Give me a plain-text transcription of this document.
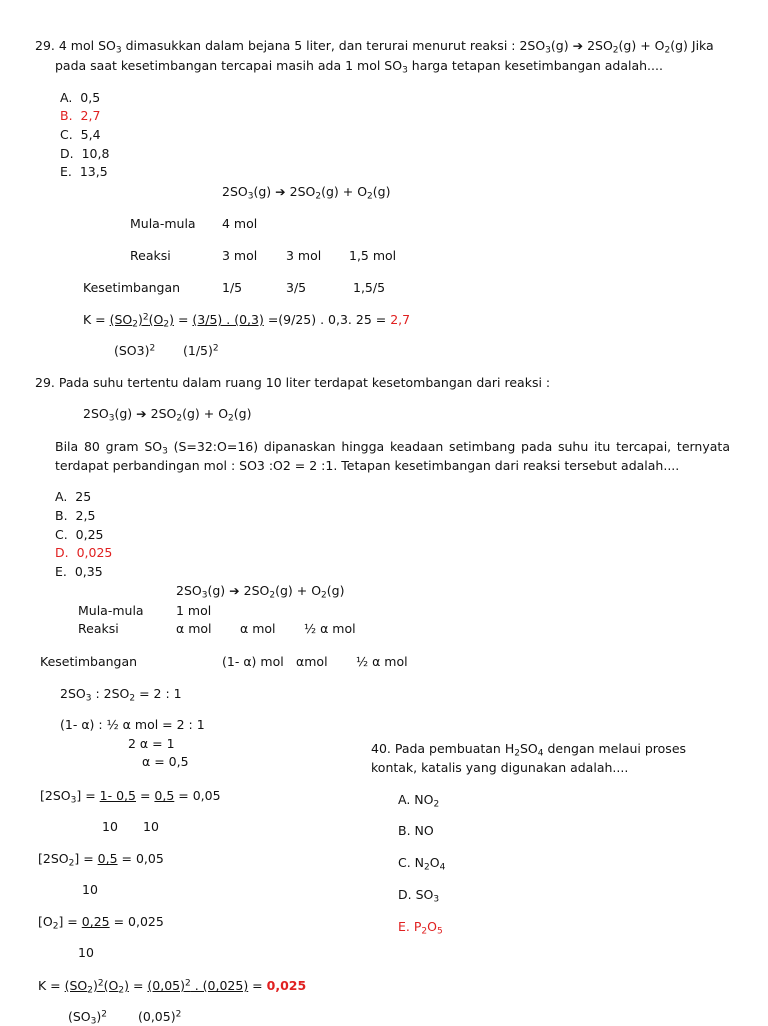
29. 4 mol $SO_3$ dimasukkan dalam bejana 5 liter, dan terurai menurut reaksi : $2SO_3(g)$ ➔ $2SO_2(g) + O_2(g)$ Jika
pada saat kesetimbangan tercapai masih ada 1 mol $SO_3$ harga tetapan kesetimbangan adalah....
A. 0,5
B. 2,7
C. 5,4
D. 10,8
E. 13,5
$2SO_3(g)$ ➔ $2SO_2(g) + O_2(g)$
Mula-mula 4 mol
Reaksi	3 mol 3 mol 1,5 mol
Kesetimbangan	1/5	3/5	1,5/5
$K = (SO_2)^2(O_2) = (3/5)$ . (0,3) =(9/25) . 0,3. 25 = 2,7
$(SO3)^2$ $(1/5)^2$
29. Pada suhu tertentu dalam ruang 10 liter terdapat kesetombangan dari reaksi :
$2SO_3(g)$ ➔ $2SO_2(g) + O_2(g)$
Bila 80 gram $SO_3$ (S=32:O=16) dipanaskan hingga keadaan setimbang pada suhu itu tercapai, ternyata terdapat perbandingan mol : SO3 :O2 = 2 :1. Tetapan kesetimbangan dari reaksi tersebut adalah....
A. 25
B. 2,5
C. 0,25
D. 0,025
E. 0,35
$2SO_3(g)$ ➔ $2SO_2(g) + O_2(g)$
Mula-mula	1 mol
Reaksi	α mol α mol ½ α mol
Kesetimbangan	(1- α) mol αmol ½ α mol
$2SO_3$ : $2SO_2 = 2$ : 1
(1- α) : ½ α mol = 2 : 1
2 α = 1
α = 0,5
$[2SO_3] = 1-$ 0,5 = 0,5 = 0,05
10 10
$[2SO_2] = 0,5 = 0,05$
10
$[O_2] = 0,25 = 0,025$
10
$K = (SO_2)^2(O_2) = (0,05)^2$ . (0,025) = 0,025
$(SO_3)^2$ $(0,05)^2$
40. Pada pembuatan $H_2SO_4$ dengan melaui proses
kontak, katalis yang digunakan adalah....
A. $NO_2$
B. NO
C. $N_2O_4$
D. $SO_3$
E. $P_2O_5$
